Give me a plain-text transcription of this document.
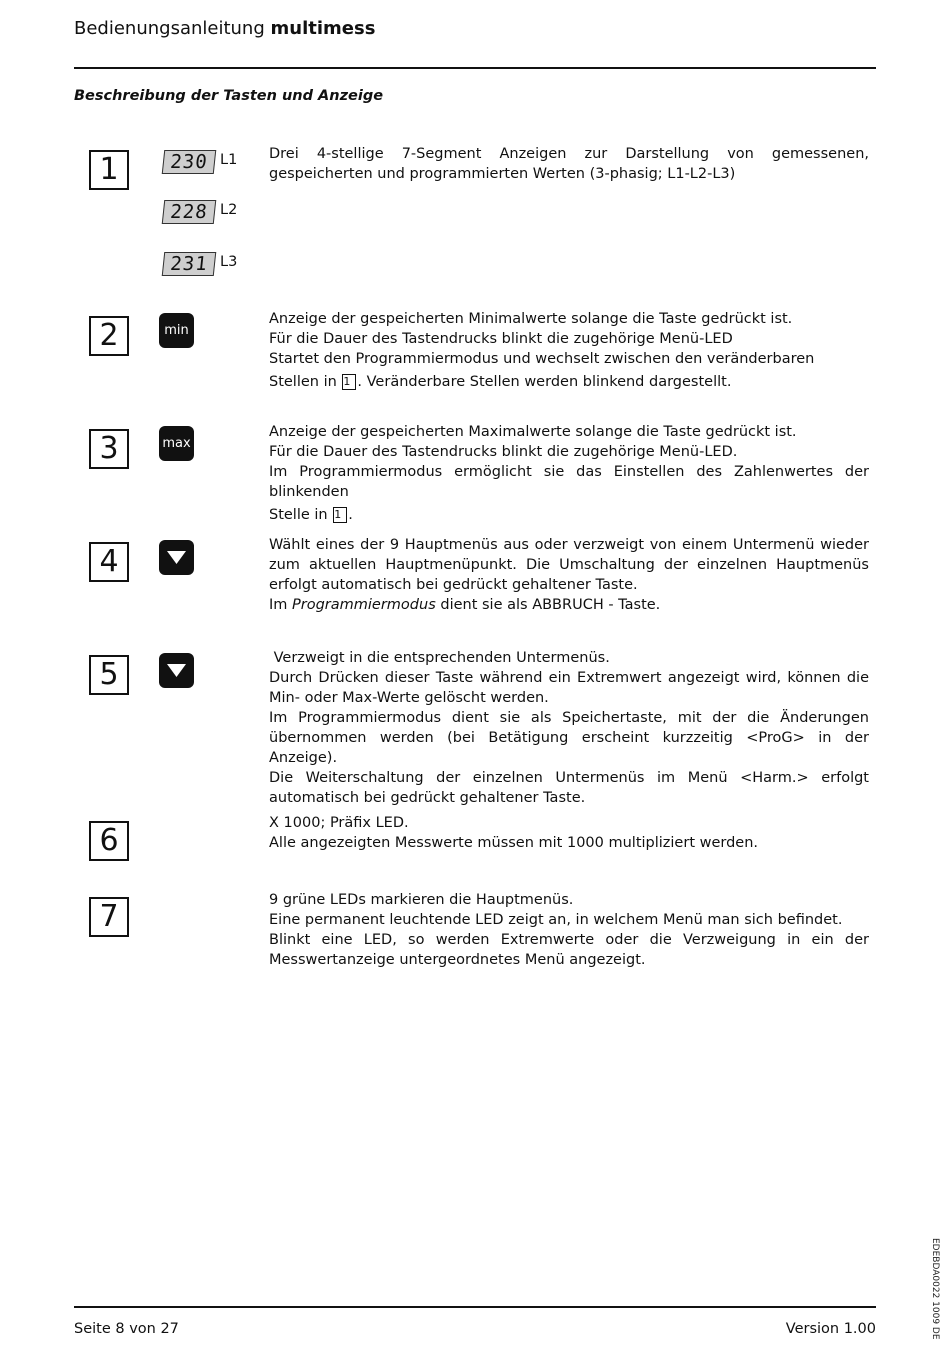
Bedienungsanleitung multimess
Beschreibung der Tasten und Anzeige
1	230 L1
228 L2
231 L3

Drei 4-stellige 7-Segment Anzeigen zur Darstellung von gemessenen, gespeicherten und programmierten Werten (3-phasig; L1-L2-L3)

2	min

Anzeige der gespeicherten Minimalwerte solange die Taste gedrückt ist.

Für die Dauer des Tastendrucks blinkt die zugehörige Menü-LED

Startet den Programmiermodus und wechselt zwischen den veränderbaren

Stellen in 1 . Veränderbare Stellen werden blinkend dargestellt.

3	max

Anzeige der gespeicherten Maximalwerte solange die Taste gedrückt ist.

Für die Dauer des Tastendrucks blinkt die zugehörige Menü-LED.

Im Programmiermodus ermöglicht sie das Einstellen des Zahlenwertes der blinkenden

Stelle in 1 .

4	Wählt eines der 9 Hauptmenüs aus oder verzweigt von einem Untermenü wieder zum aktuellen Hauptmenüpunkt. Die Umschaltung der einzelnen Hauptmenüs erfolgt automatisch bei gedrückt gehaltener Taste.

Im Programmiermodus dient sie als ABBRUCH - Taste.

5	Verzweigt in die entsprechenden Untermenüs.

Durch Drücken dieser Taste während ein Extremwert angezeigt wird, können die Min- oder Max-Werte gelöscht werden.

Im Programmiermodus dient sie als Speichertaste, mit der die Änderungen übernommen werden (bei Betätigung erscheint kurzzeitig <ProG> in der Anzeige).

Die Weiterschaltung der einzelnen Untermenüs im Menü <Harm.> erfolgt automatisch bei gedrückt gehaltener Taste.

6	X 1000; Präfix LED.

Alle angezeigten Messwerte müssen mit 1000 multipliziert werden.

7	9 grüne LEDs markieren die Hauptmenüs.

Eine permanent leuchtende LED zeigt an, in welchem Menü man sich befindet.

Blinkt eine LED, so werden Extremwerte oder die Verzweigung in ein der Messwertanzeige untergeordnetes Menü angezeigt.

EDEBDA0022 1009 DE
Seite 8 von 27	Version 1.00
